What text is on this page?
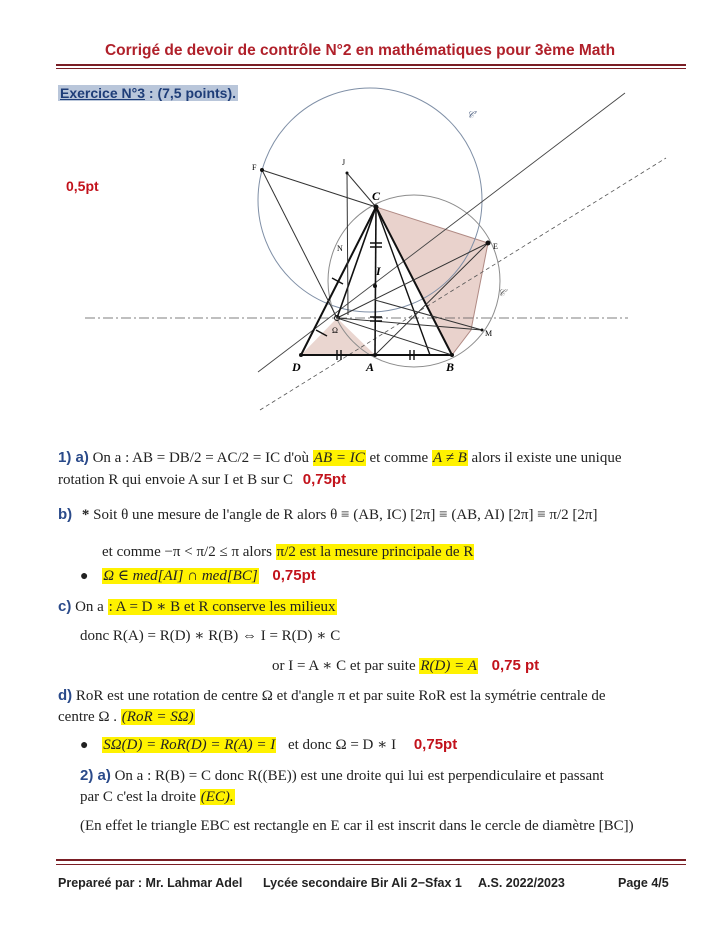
Corrigé de devoir de contrôle N°2 en mathématiques pour 3ème Math
Exercice N°3 : (7,5 points).
0,5pt
C
I
D	A	B
E
F
J
N
M
Ω
𝒞'
𝒞
1) a) On a : AB = DB/2 = AC/2 = IC d'où AB = IC et comme A ≠ B alors il existe une unique
rotation R qui envoie A sur I et B sur C 0,75pt
b) * Soit θ une mesure de l'angle de R alors θ ≡ (AB, IC) [2π] ≡ (AB, AI) [2π] ≡ π/2 [2π]
et comme −π < π/2 ≤ π alors π/2 est la mesure principale de R
● Ω ∈ med[AI] ∩ med[BC] 0,75pt
c) On a : A = D ∗ B et R conserve les milieux
donc R(A) = R(D) ∗ R(B) ⇔ I = R(D) ∗ C
or I = A ∗ C et par suite R(D) = A 0,75 pt
d) RoR est une rotation de centre Ω et d'angle π et par suite RoR est la symétrie centrale de
centre Ω . (RoR = SΩ)
● SΩ(D) = RoR(D) = R(A) = I et donc Ω = D ∗ I 0,75pt
2) a) On a : R(B) = C donc R((BE)) est une droite qui lui est perpendiculaire et passant
par C c'est la droite (EC).
(En effet le triangle EBC est rectangle en E car il est inscrit dans le cercle de diamètre [BC])
Prepareé par : Mr. Lahmar Adel Lycée secondaire Bir Ali 2−Sfax 1 A.S. 2022/2023	Page 4/5
